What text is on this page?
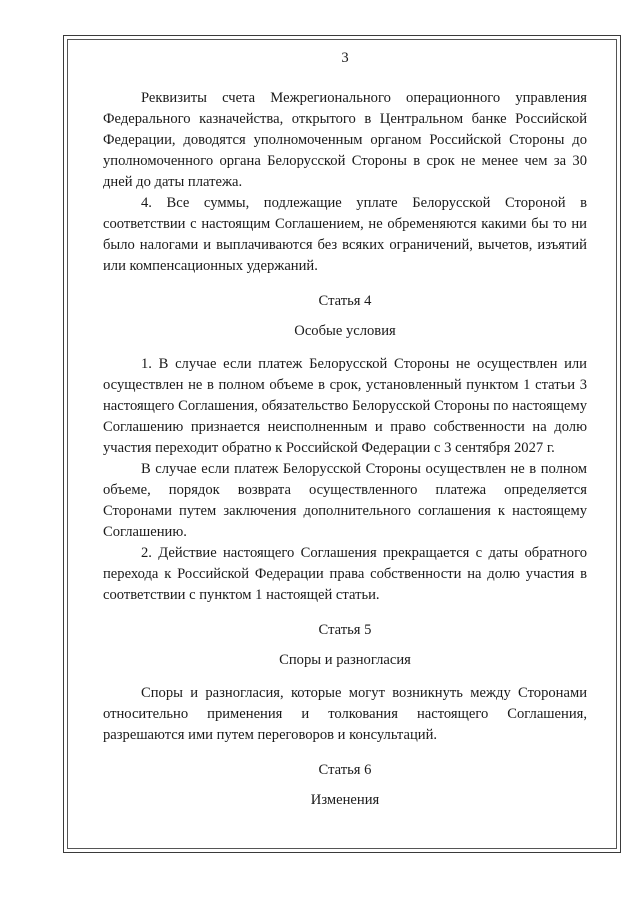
3

Реквизиты счета Межрегионального операционного управления Федерального казначейства, открытого в Центральном банке Российской Федерации, доводятся уполномоченным органом Российской Стороны до уполномоченного органа Белорусской Стороны в срок не менее чем за 30 дней до даты платежа.

4. Все суммы, подлежащие уплате Белорусской Стороной в соответствии с настоящим Соглашением, не обременяются какими бы то ни было налогами и выплачиваются без всяких ограничений, вычетов, изъятий или компенсационных удержаний.

Статья 4
Особые условия

1. В случае если платеж Белорусской Стороны не осуществлен или осуществлен не в полном объеме в срок, установленный пунктом 1 статьи 3 настоящего Соглашения, обязательство Белорусской Стороны по настоящему Соглашению признается неисполненным и право собственности на долю участия переходит обратно к Российской Федерации с 3 сентября 2027 г.

В случае если платеж Белорусской Стороны осуществлен не в полном объеме, порядок возврата осуществленного платежа определяется Сторонами путем заключения дополнительного соглашения к настоящему Соглашению.

2. Действие настоящего Соглашения прекращается с даты обратного перехода к Российской Федерации права собственности на долю участия в соответствии с пунктом 1 настоящей статьи.

Статья 5
Споры и разногласия

Споры и разногласия, которые могут возникнуть между Сторонами относительно применения и толкования настоящего Соглашения, разрешаются ими путем переговоров и консультаций.

Статья 6
Изменения
